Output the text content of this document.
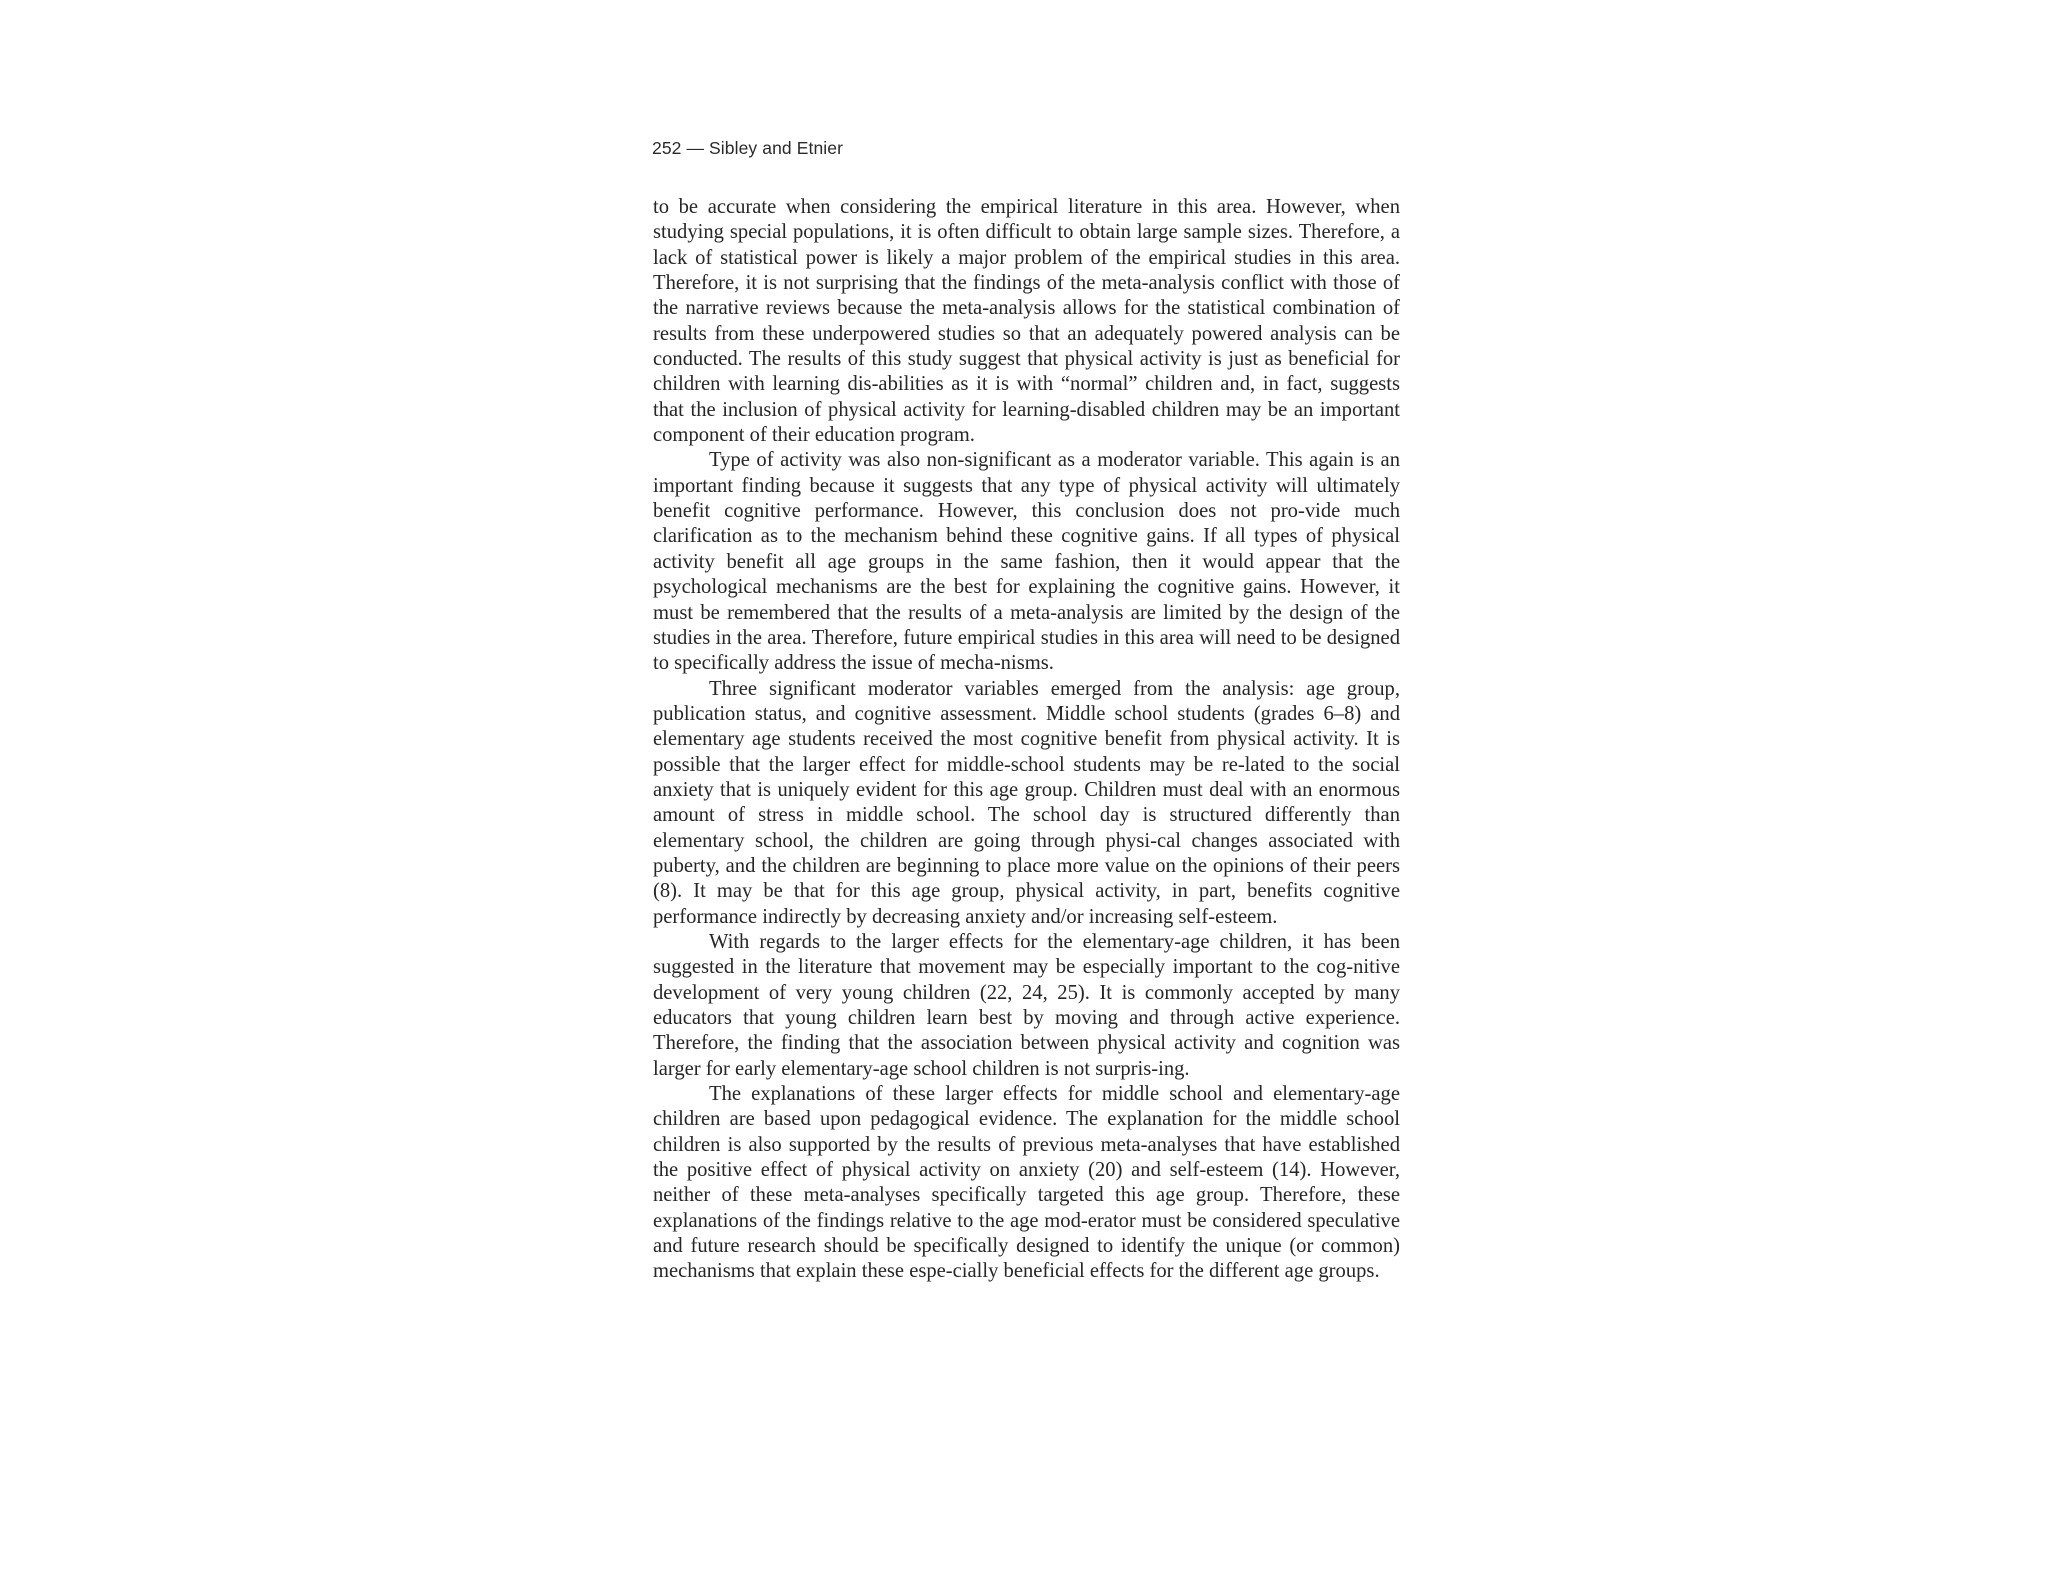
252 — Sibley and Etnier

to be accurate when considering the empirical literature in this area. However, when studying special populations, it is often difficult to obtain large sample sizes. Therefore, a lack of statistical power is likely a major problem of the empirical studies in this area. Therefore, it is not surprising that the findings of the meta-analysis conflict with those of the narrative reviews because the meta-analysis allows for the statistical combination of results from these underpowered studies so that an adequately powered analysis can be conducted. The results of this study suggest that physical activity is just as beneficial for children with learning dis-abilities as it is with “normal” children and, in fact, suggests that the inclusion of physical activity for learning-disabled children may be an important component of their education program.

Type of activity was also non-significant as a moderator variable. This again is an important finding because it suggests that any type of physical activity will ultimately benefit cognitive performance. However, this conclusion does not pro-vide much clarification as to the mechanism behind these cognitive gains. If all types of physical activity benefit all age groups in the same fashion, then it would appear that the psychological mechanisms are the best for explaining the cognitive gains. However, it must be remembered that the results of a meta-analysis are limited by the design of the studies in the area. Therefore, future empirical studies in this area will need to be designed to specifically address the issue of mecha-nisms.

Three significant moderator variables emerged from the analysis: age group, publication status, and cognitive assessment. Middle school students (grades 6–8) and elementary age students received the most cognitive benefit from physical activity. It is possible that the larger effect for middle-school students may be re-lated to the social anxiety that is uniquely evident for this age group. Children must deal with an enormous amount of stress in middle school. The school day is structured differently than elementary school, the children are going through physi-cal changes associated with puberty, and the children are beginning to place more value on the opinions of their peers (8). It may be that for this age group, physical activity, in part, benefits cognitive performance indirectly by decreasing anxiety and/or increasing self-esteem.

With regards to the larger effects for the elementary-age children, it has been suggested in the literature that movement may be especially important to the cog-nitive development of very young children (22, 24, 25). It is commonly accepted by many educators that young children learn best by moving and through active experience. Therefore, the finding that the association between physical activity and cognition was larger for early elementary-age school children is not surpris-ing.

The explanations of these larger effects for middle school and elementary-age children are based upon pedagogical evidence. The explanation for the middle school children is also supported by the results of previous meta-analyses that have established the positive effect of physical activity on anxiety (20) and self-esteem (14). However, neither of these meta-analyses specifically targeted this age group. Therefore, these explanations of the findings relative to the age mod-erator must be considered speculative and future research should be specifically designed to identify the unique (or common) mechanisms that explain these espe-cially beneficial effects for the different age groups.
